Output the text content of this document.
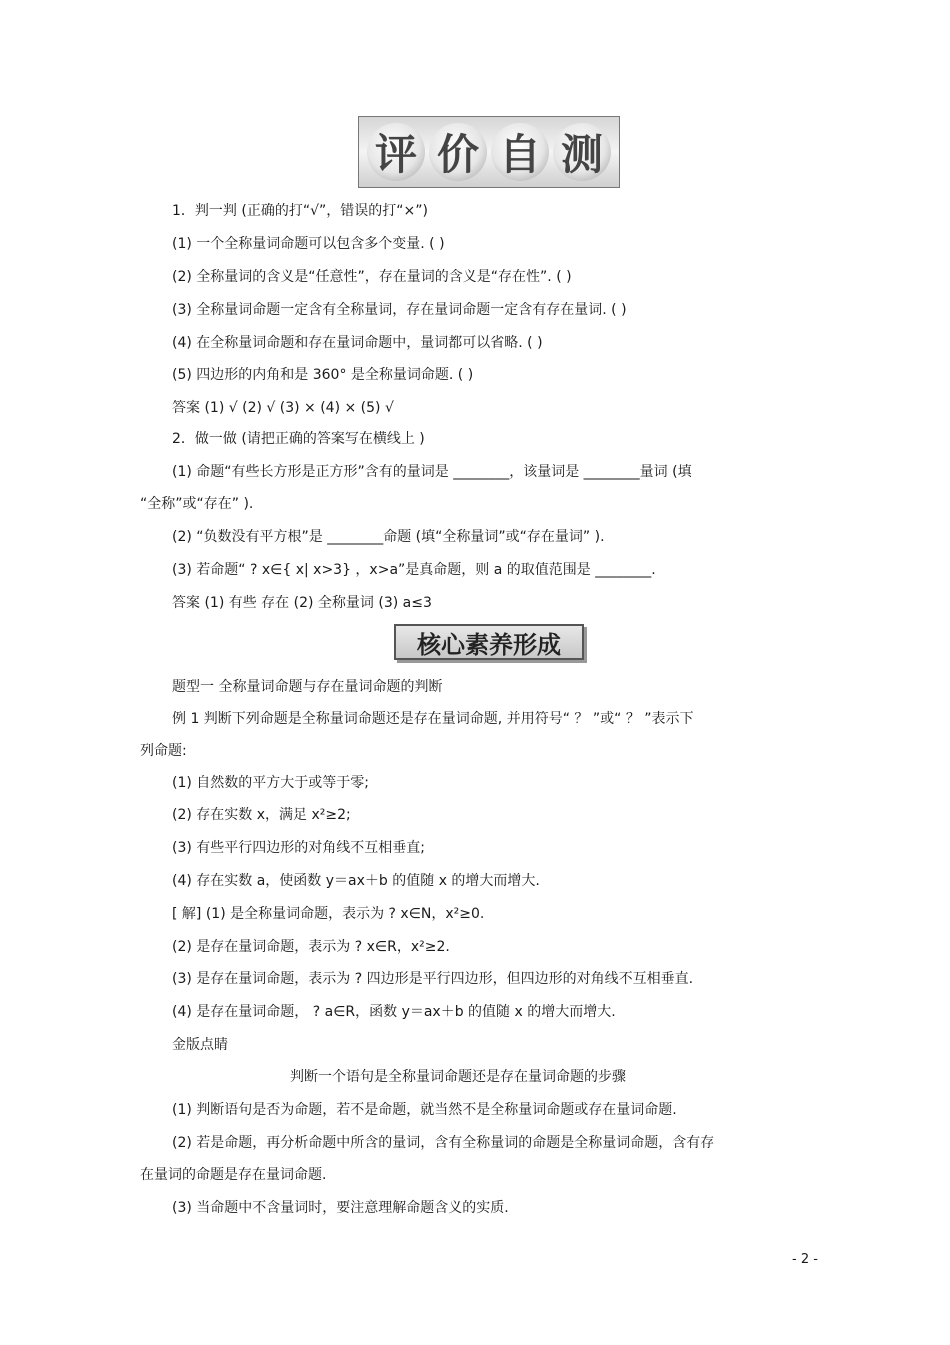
评 价 自 测
核心素养形成
1．判一判 (正确的打“√”，错误的打“×”)
(1) 一个全称量词命题可以包含多个变量. ( )
(2) 全称量词的含义是“任意性”，存在量词的含义是“存在性”. ( )
(3) 全称量词命题一定含有全称量词，存在量词命题一定含有存在量词. ( )
(4) 在全称量词命题和存在量词命题中，量词都可以省略. ( )
(5) 四边形的内角和是 360° 是全称量词命题. ( )
答案 (1) √ (2) √ (3) × (4) × (5) √
2．做一做 (请把正确的答案写在横线上 )
(1) 命题“有些长方形是正方形”含有的量词是 ________，该量词是 ________量词 (填
“全称”或“存在” ).
(2) “负数没有平方根”是 ________命题 (填“全称量词”或“存在量词” ).
(3) 若命题“ ? x∈{ x| x>3} ，x>a”是真命题，则 a 的取值范围是 ________.
答案 (1) 有些 存在 (2) 全称量词 (3) a≤3
题型一 全称量词命题与存在量词命题的判断
例 1 判断下列命题是全称量词命题还是存在量词命题, 并用符号“ ？ ”或“ ？ ”表示下
列命题:
(1) 自然数的平方大于或等于零;
(2) 存在实数 x，满足 x²≥2;
(3) 有些平行四边形的对角线不互相垂直;
(4) 存在实数 a，使函数 y＝ax＋b 的值随 x 的增大而增大.
[ 解] (1) 是全称量词命题，表示为 ? x∈N，x²≥0.
(2) 是存在量词命题，表示为 ? x∈R，x²≥2.
(3) 是存在量词命题，表示为 ? 四边形是平行四边形，但四边形的对角线不互相垂直.
(4) 是存在量词命题， ? a∈R，函数 y＝ax＋b 的值随 x 的增大而增大.
金版点睛
判断一个语句是全称量词命题还是存在量词命题的步骤
(1) 判断语句是否为命题，若不是命题，就当然不是全称量词命题或存在量词命题.
(2) 若是命题，再分析命题中所含的量词，含有全称量词的命题是全称量词命题，含有存
在量词的命题是存在量词命题.
(3) 当命题中不含量词时，要注意理解命题含义的实质.
- 2 -
